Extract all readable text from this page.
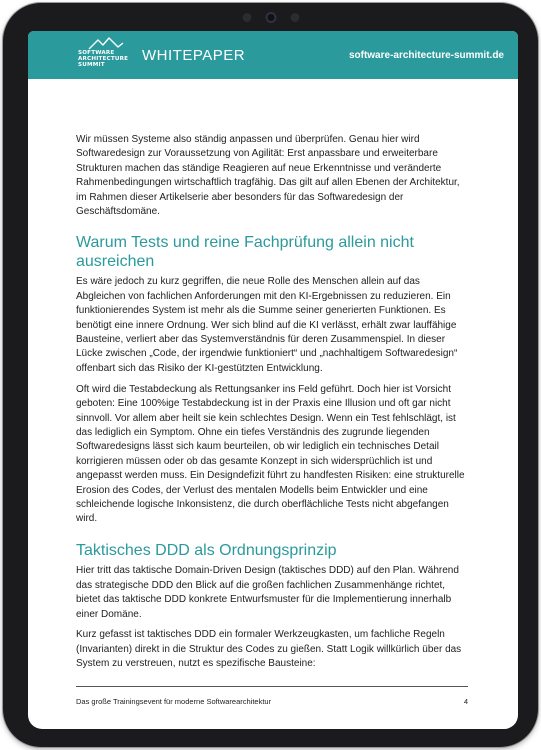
SOFTWARE
ARCHITECTURE
SUMMIT
WHITEPAPER	software-architecture-summit.de

Wir müssen Systeme also ständig anpassen und überprüfen. Genau hier wird Softwaredesign zur Voraussetzung von Agilität: Erst anpassbare und erweiterbare Strukturen machen das ständige Reagieren auf neue Erkenntnisse und veränderte Rahmenbedingungen wirtschaftlich tragfähig. Das gilt auf allen Ebenen der Architektur, im Rahmen dieser Artikelserie aber besonders für das Softwaredesign der Geschäftsdomäne.

Warum Tests und reine Fachprüfung allein nicht ausreichen

Es wäre jedoch zu kurz gegriffen, die neue Rolle des Menschen allein auf das Abgleichen von fachlichen Anforderungen mit den KI-Ergebnissen zu reduzieren. Ein funktionierendes System ist mehr als die Summe seiner generierten Funktionen. Es benötigt eine innere Ordnung. Wer sich blind auf die KI verlässt, erhält zwar lauffähige Bausteine, verliert aber das Systemverständnis für deren Zusammenspiel. In dieser Lücke zwischen „Code, der irgendwie funktioniert“ und „nachhaltigem Softwaredesign“ offenbart sich das Risiko der KI-gestützten Entwicklung.

Oft wird die Testabdeckung als Rettungsanker ins Feld geführt. Doch hier ist Vorsicht geboten: Eine 100%ige Testabdeckung ist in der Praxis eine Illusion und oft gar nicht sinnvoll. Vor allem aber heilt sie kein schlechtes Design. Wenn ein Test fehlschlägt, ist das lediglich ein Symptom. Ohne ein tiefes Verständnis des zugrunde liegenden Softwaredesigns lässt sich kaum beurteilen, ob wir lediglich ein technisches Detail korrigieren müssen oder ob das gesamte Konzept in sich widersprüchlich ist und angepasst werden muss. Ein Designdefizit führt zu handfesten Risiken: eine strukturelle Erosion des Codes, der Verlust des mentalen Modells beim Entwickler und eine schleichende logische Inkonsistenz, die durch oberflächliche Tests nicht abgefangen wird.

Taktisches DDD als Ordnungsprinzip

Hier tritt das taktische Domain-Driven Design (taktisches DDD) auf den Plan. Während das strategische DDD den Blick auf die großen fachlichen Zusammenhänge richtet, bietet das taktische DDD konkrete Entwurfsmuster für die Implementierung innerhalb einer Domäne.

Kurz gefasst ist taktisches DDD ein formaler Werkzeugkasten, um fachliche Regeln (Invarianten) direkt in die Struktur des Codes zu gießen. Statt Logik willkürlich über das System zu verstreuen, nutzt es spezifische Bausteine:

Das große Trainingsevent für moderne Softwarearchitektur	4
